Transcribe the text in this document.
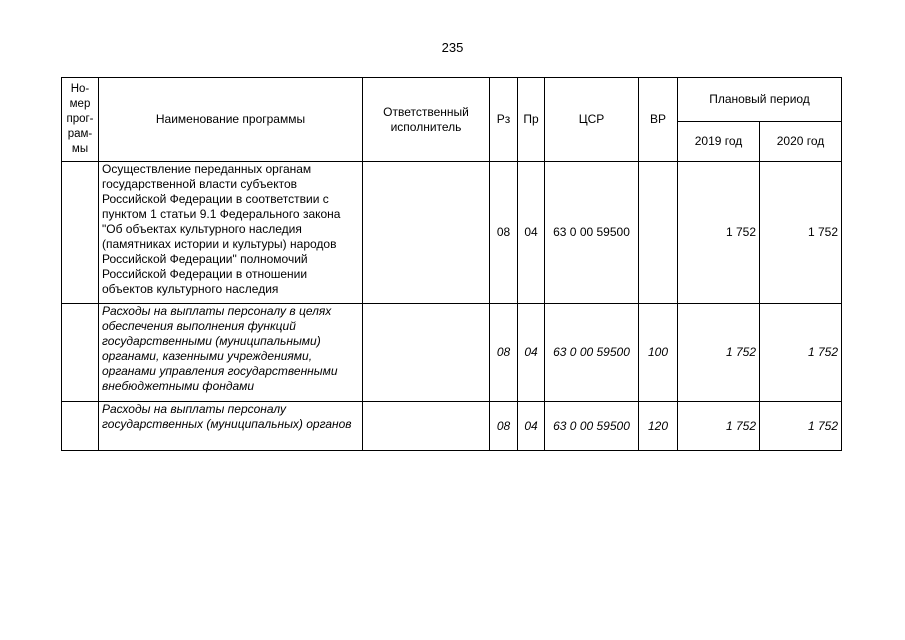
235
Но-
мер
прог-
рам-
мы	Наименование программы	Ответственный исполнитель	Рз	Пр	ЦСР	ВР	Плановый период	
							2019 год	2020 год
	Осуществление переданных органам государственной власти субъектов Российской Федерации в соответствии с пунктом 1 статьи 9.1 Федерального закона "Об объектах культурного наследия (памятниках истории и культуры) народов Российской Федерации" полномочий Российской Федерации в отношении объектов культурного наследия		08	04	63 0 00 59500		1 752	1 752
	Расходы на выплаты персоналу в целях обеспечения выполнения функций государственными (муниципальными) органами, казенными учреждениями, органами управления государственными внебюджетными фондами		08	04	63 0 00 59500	100	1 752	1 752
	Расходы на выплаты персоналу государственных (муниципальных) органов		08	04	63 0 00 59500	120	1 752	1 752
